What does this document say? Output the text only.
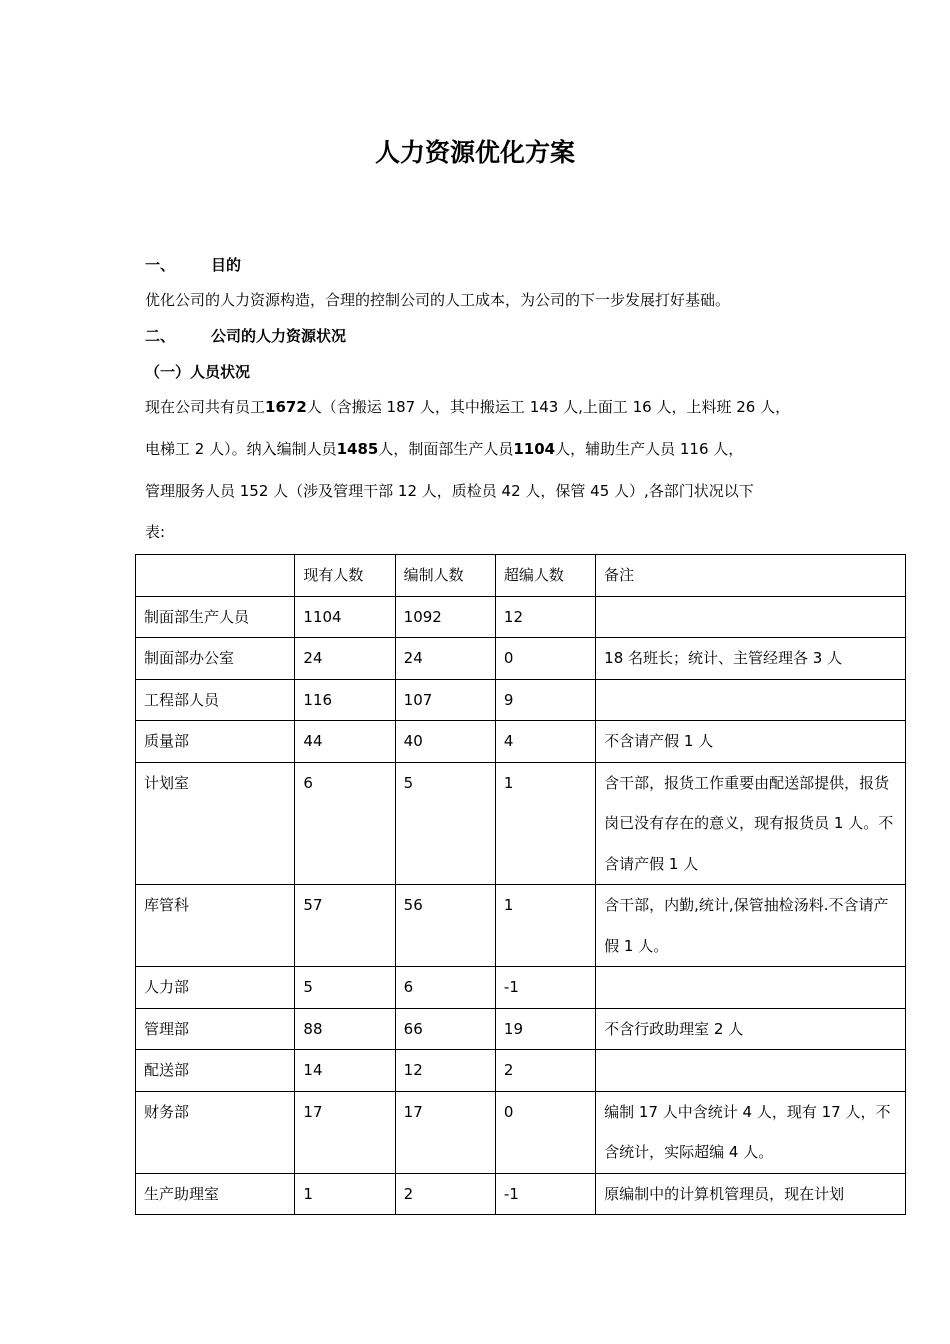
人力资源优化方案
一、	目的
优化公司的人力资源构造，合理的控制公司的人工成本，为公司的下一步发展打好基础。
二、	公司的人力资源状况
（一）人员状况
现在公司共有员工1672人（含搬运 187 人，其中搬运工 143 人,上面工 16 人，上料班 26 人，
电梯工 2 人）。纳入编制人员1485人，制面部生产人员1104人，辅助生产人员 116 人，
管理服务人员 152 人（涉及管理干部 12 人，质检员 42 人，保管 45 人）,各部门状况以下
表:
	现有人数	编制人数	超编人数	备注
制面部生产人员	1104	1092	12	
制面部办公室	24	24	0	18 名班长；统计、主管经理各 3 人
工程部人员	116	107	9	
质量部	44	40	4	不含请产假 1 人
计划室	6	5	1	含干部，报货工作重要由配送部提供，报货岗已没有存在的意义，现有报货员 1 人。不含请产假 1 人
库管科	57	56	1	含干部，内勤,统计,保管抽检汤料.不含请产假 1 人。
人力部	5	6	-1	
管理部	88	66	19	不含行政助理室 2 人
配送部	14	12	2	
财务部	17	17	0	编制 17 人中含统计 4 人，现有 17 人，不含统计，实际超编 4 人。
生产助理室	1	2	-1	原编制中的计算机管理员，现在计划
